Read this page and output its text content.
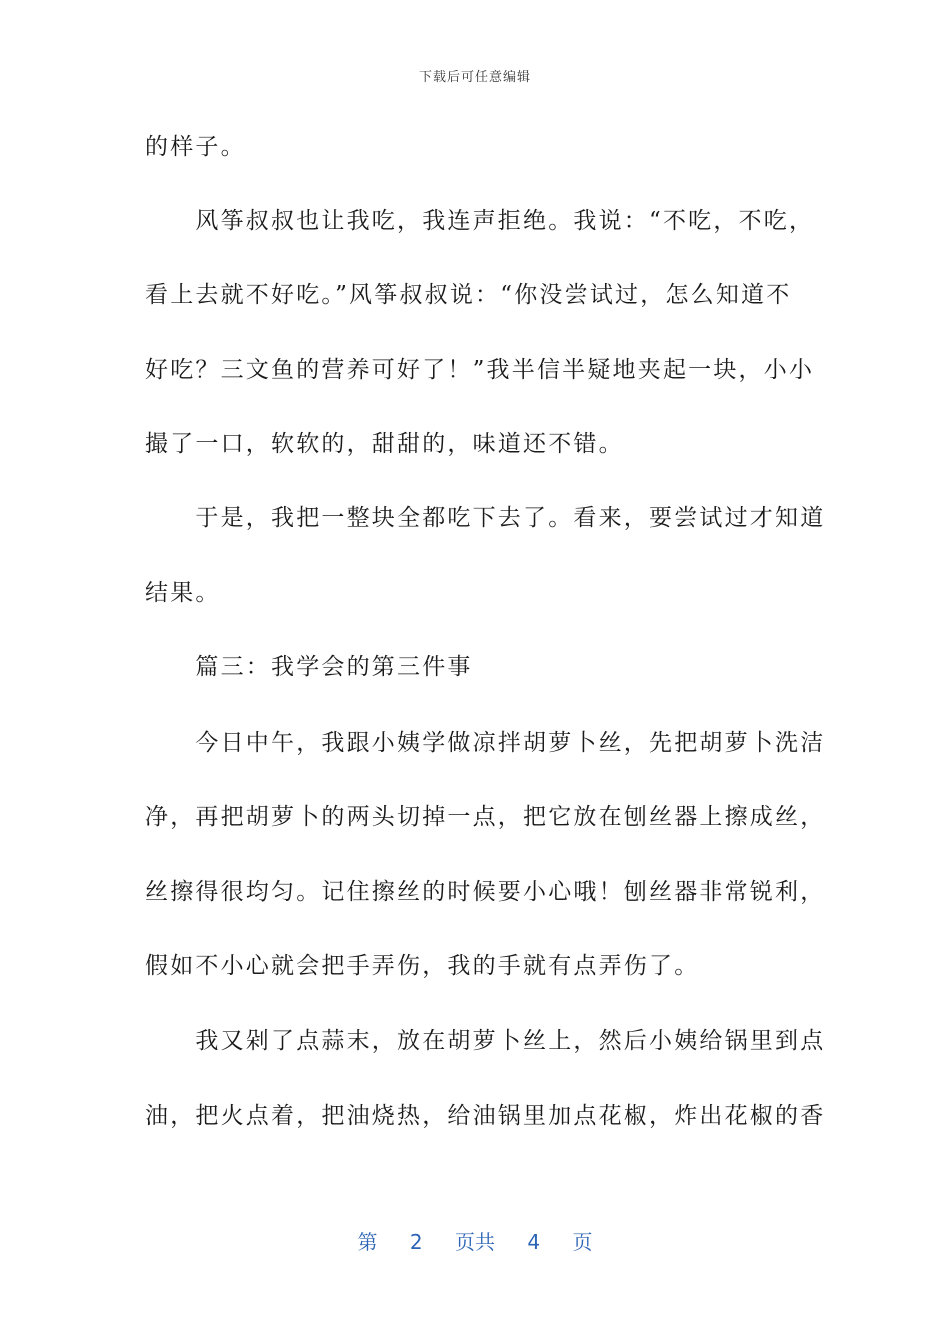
下载后可任意编辑
的样子。
　　风筝叔叔也让我吃，我连声拒绝。我说：“不吃，不吃，
看上去就不好吃。”风筝叔叔说：“你没尝试过，怎么知道不
好吃？三文鱼的营养可好了！”我半信半疑地夹起一块，小小
撮了一口，软软的，甜甜的，味道还不错。
　　于是，我把一整块全都吃下去了。看来，要尝试过才知道
结果。
　　篇三：我学会的第三件事
　　今日中午，我跟小姨学做凉拌胡萝卜丝，先把胡萝卜洗洁
净，再把胡萝卜的两头切掉一点，把它放在刨丝器上擦成丝，
丝擦得很均匀。记住擦丝的时候要小心哦！刨丝器非常锐利，
假如不小心就会把手弄伤，我的手就有点弄伤了。
　　我又剁了点蒜末，放在胡萝卜丝上，然后小姨给锅里到点
油，把火点着，把油烧热，给油锅里加点花椒，炸出花椒的香
第 2 页共 4 页
